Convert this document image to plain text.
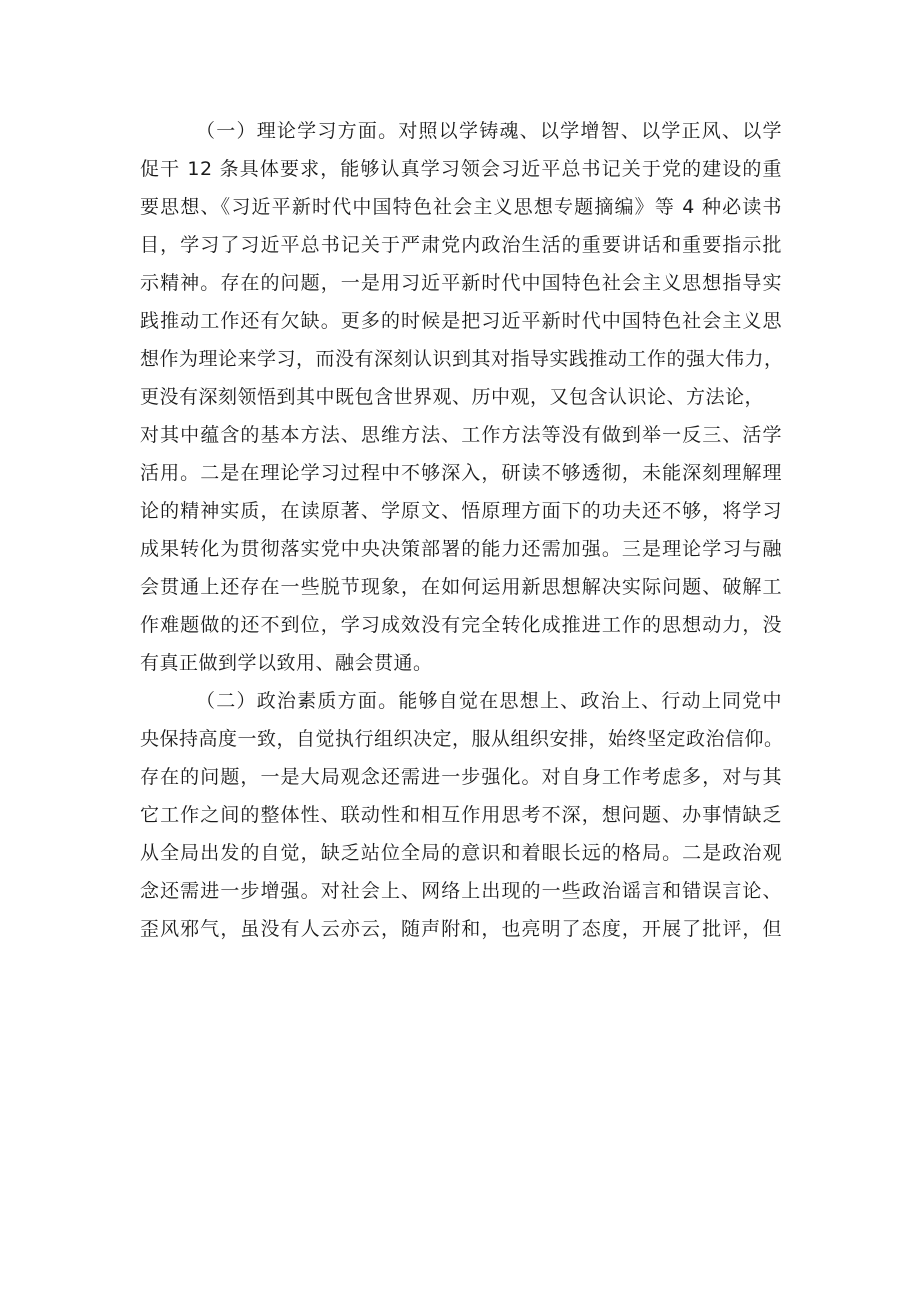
（一）理论学习方面。对照以学铸魂、以学增智、以学正风、以学
促干 12 条具体要求，能够认真学习领会习近平总书记关于党的建设的重
要思想、《习近平新时代中国特色社会主义思想专题摘编》等 4 种必读书
目，学习了习近平总书记关于严肃党内政治生活的重要讲话和重要指示批
示精神。存在的问题，一是用习近平新时代中国特色社会主义思想指导实
践推动工作还有欠缺。更多的时候是把习近平新时代中国特色社会主义思
想作为理论来学习，而没有深刻认识到其对指导实践推动工作的强大伟力，
更没有深刻领悟到其中既包含世界观、历中观，又包含认识论、方法论，
对其中蕴含的基本方法、思维方法、工作方法等没有做到举一反三、活学
活用。二是在理论学习过程中不够深入，研读不够透彻，未能深刻理解理
论的精神实质，在读原著、学原文、悟原理方面下的功夫还不够，将学习
成果转化为贯彻落实党中央决策部署的能力还需加强。三是理论学习与融
会贯通上还存在一些脱节现象，在如何运用新思想解决实际问题、破解工
作难题做的还不到位，学习成效没有完全转化成推进工作的思想动力，没
有真正做到学以致用、融会贯通。
（二）政治素质方面。能够自觉在思想上、政治上、行动上同党中
央保持高度一致，自觉执行组织决定，服从组织安排，始终坚定政治信仰。
存在的问题，一是大局观念还需进一步强化。对自身工作考虑多，对与其
它工作之间的整体性、联动性和相互作用思考不深，想问题、办事情缺乏
从全局出发的自觉，缺乏站位全局的意识和着眼长远的格局。二是政治观
念还需进一步增强。对社会上、网络上出现的一些政治谣言和错误言论、
歪风邪气，虽没有人云亦云，随声附和，也亮明了态度，开展了批评，但
